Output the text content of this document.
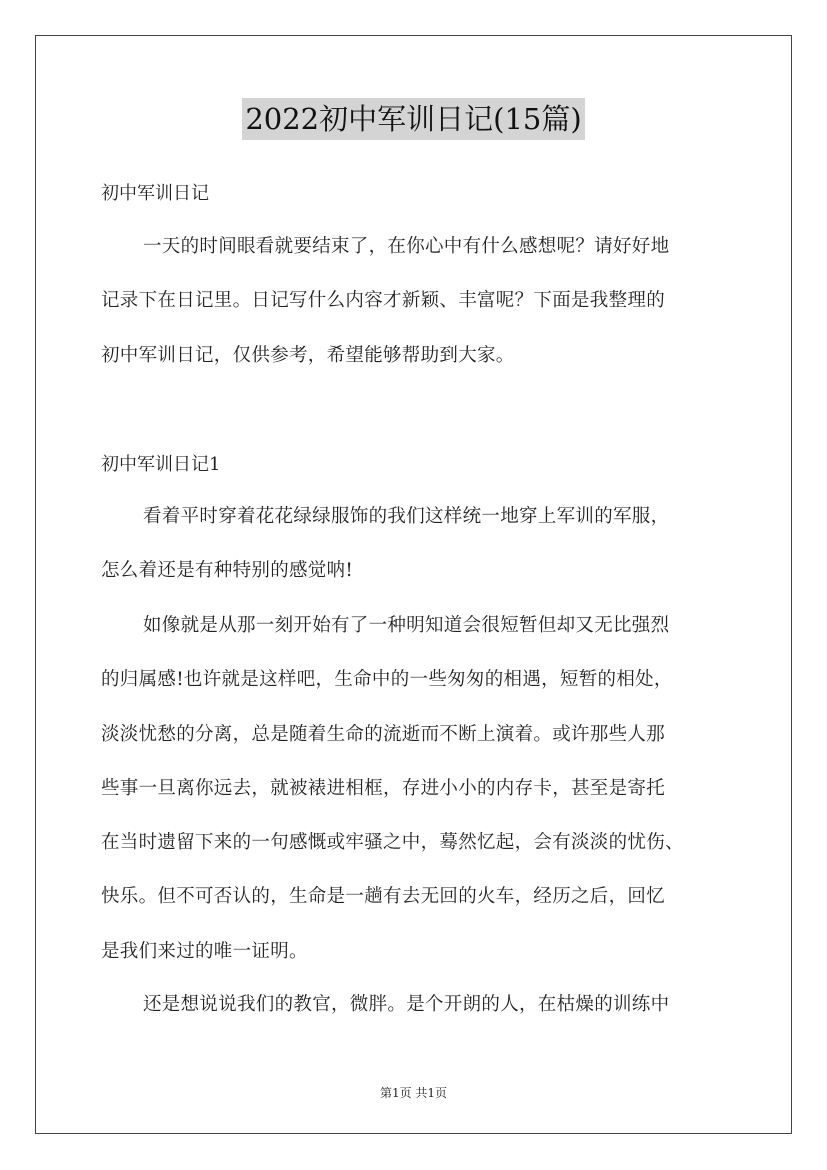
2022初中军训日记(15篇)
初中军训日记
一天的时间眼看就要结束了，在你心中有什么感想呢？请好好地
记录下在日记里。日记写什么内容才新颖、丰富呢？下面是我整理的
初中军训日记，仅供参考，希望能够帮助到大家。
初中军训日记1
看着平时穿着花花绿绿服饰的我们这样统一地穿上军训的军服，
怎么着还是有种特别的感觉呐!
如像就是从那一刻开始有了一种明知道会很短暂但却又无比强烈
的归属感!也许就是这样吧，生命中的一些匆匆的相遇，短暂的相处，
淡淡忧愁的分离，总是随着生命的流逝而不断上演着。或许那些人那
些事一旦离你远去，就被裱进相框，存进小小的内存卡，甚至是寄托
在当时遗留下来的一句感慨或牢骚之中，蓦然忆起，会有淡淡的忧伤、
快乐。但不可否认的，生命是一趟有去无回的火车，经历之后，回忆
是我们来过的唯一证明。
还是想说说我们的教官，微胖。是个开朗的人，在枯燥的训练中
第1页 共1页
